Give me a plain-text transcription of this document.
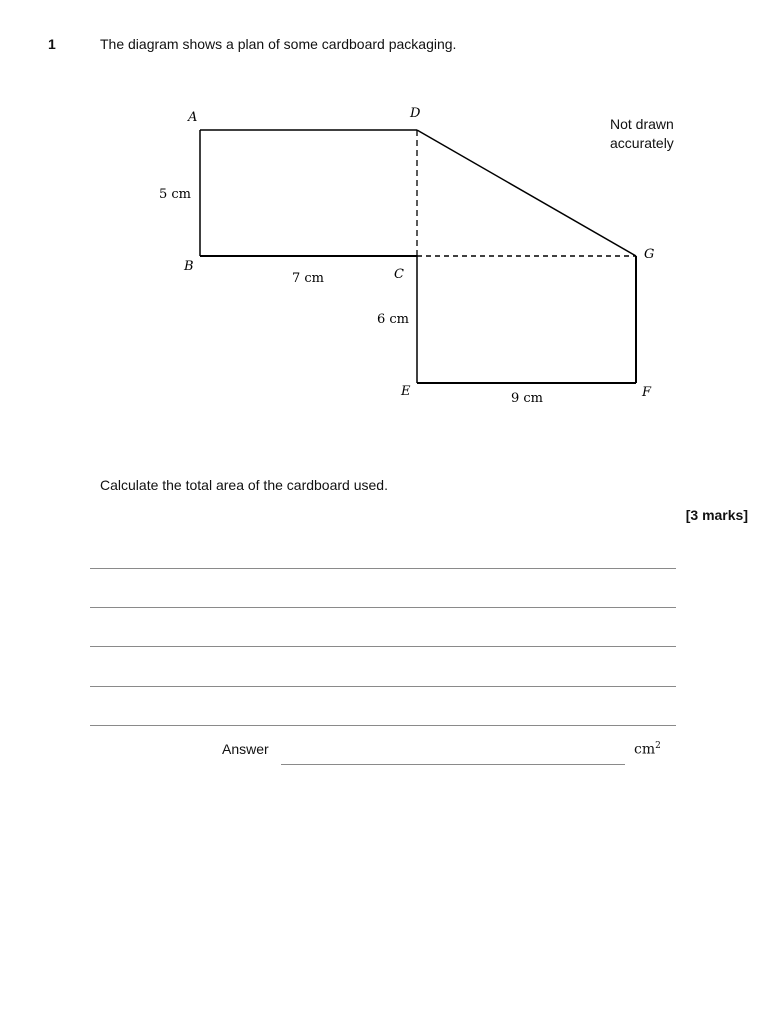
1	The diagram shows a plan of some cardboard packaging.
A	D
B
C
G
E	F
5 cm
7 cm
6 cm
9 cm
Not drawn
accurately
Calculate the total area of the cardboard used.
[3 marks]
Answer	$cm^2$
